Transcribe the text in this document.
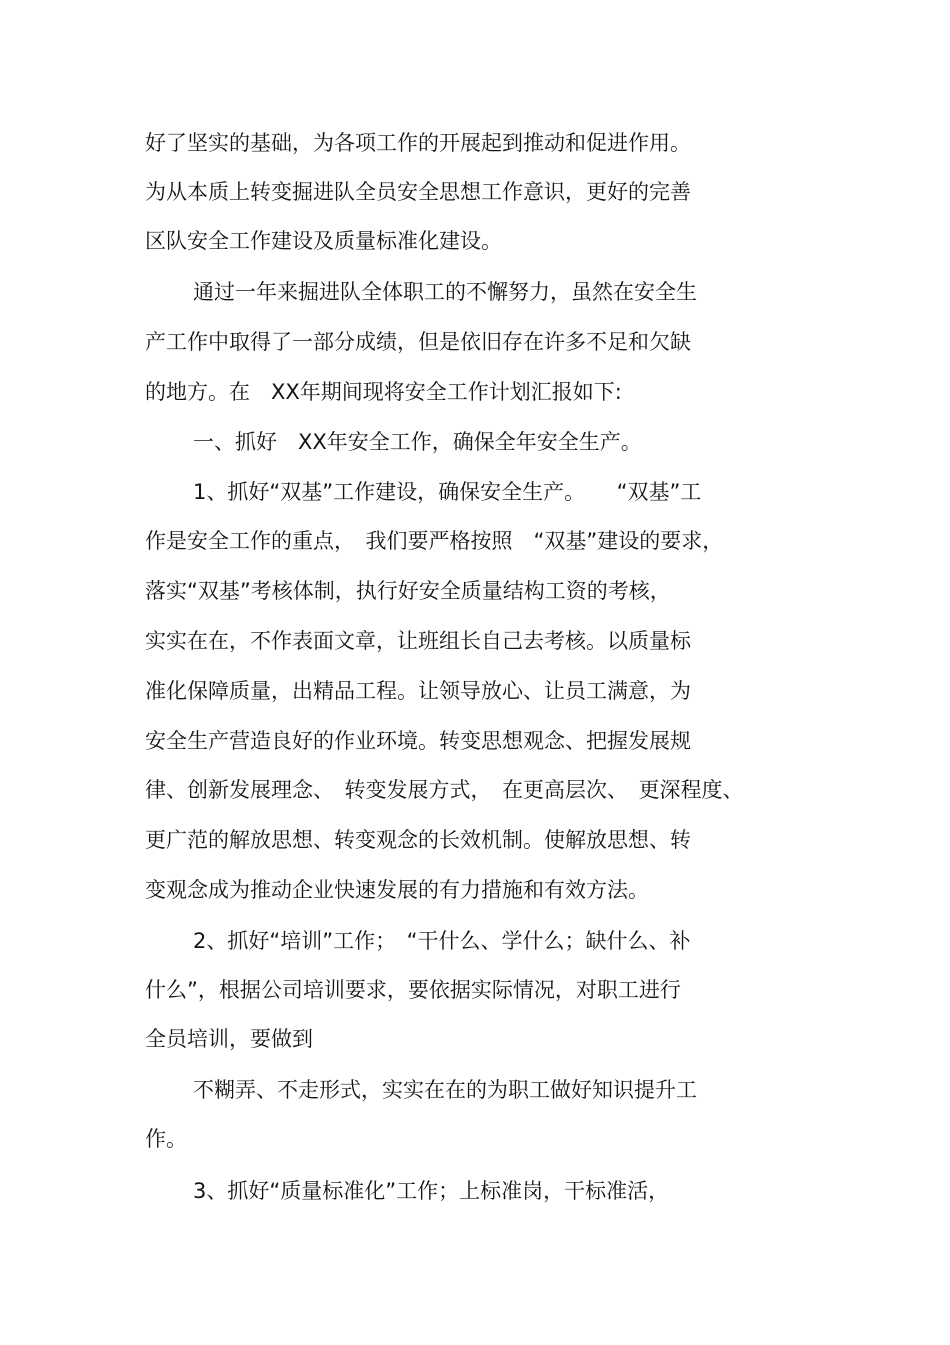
好了坚实的基础，为各项工作的开展起到推动和促进作用。

为从本质上转变掘进队全员安全思想工作意识，更好的完善

区队安全工作建设及质量标准化建设。

通过一年来掘进队全体职工的不懈努力，虽然在安全生

产工作中取得了一部分成绩，但是依旧存在许多不足和欠缺

的地方。在　XX年期间现将安全工作计划汇报如下:

一、抓好　XX年安全工作，确保全年安全生产。

1、抓好“双基”工作建设，确保安全生产。　　“双基”工

作是安全工作的重点，　我们要严格按照　“双基”建设的要求，

落实“双基”考核体制，执行好安全质量结构工资的考核，

实实在在，不作表面文章，让班组长自己去考核。以质量标

准化保障质量，出精品工程。让领导放心、让员工满意，为

安全生产营造良好的作业环境。转变思想观念、把握发展规

律、创新发展理念、　转变发展方式，　在更高层次、　更深程度、

更广范的解放思想、转变观念的长效机制。使解放思想、转

变观念成为推动企业快速发展的有力措施和有效方法。

2、抓好“培训”工作；　“干什么、学什么；缺什么、补

什么”，根据公司培训要求，要依据实际情况，对职工进行

全员培训，要做到

不糊弄、不走形式，实实在在的为职工做好知识提升工

作。

3、抓好“质量标准化”工作；上标准岗，干标准活，
